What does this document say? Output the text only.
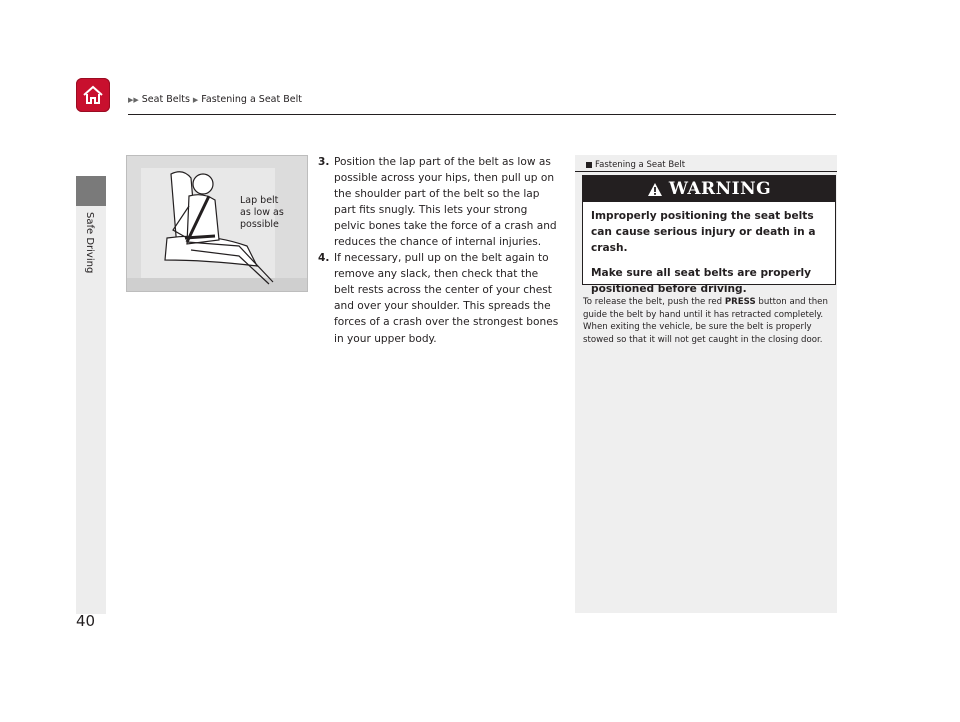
▶▶ Seat Belts ▶ Fastening a Seat Belt
Safe Driving
Lap belt
as low as
possible
3. Position the lap part of the belt as low as possible across your hips, then pull up on the shoulder part of the belt so the lap part fits snugly. This lets your strong pelvic bones take the force of a crash and reduces the chance of internal injuries.
4. If necessary, pull up on the belt again to remove any slack, then check that the belt rests across the center of your chest and over your shoulder. This spreads the forces of a crash over the strongest bones in your upper body.
Fastening a Seat Belt
WARNING

Improperly positioning the seat belts can cause serious injury or death in a crash.

Make sure all seat belts are properly positioned before driving.

To release the belt, push the red PRESS button and then guide the belt by hand until it has retracted completely.

When exiting the vehicle, be sure the belt is properly stowed so that it will not get caught in the closing door.

40
